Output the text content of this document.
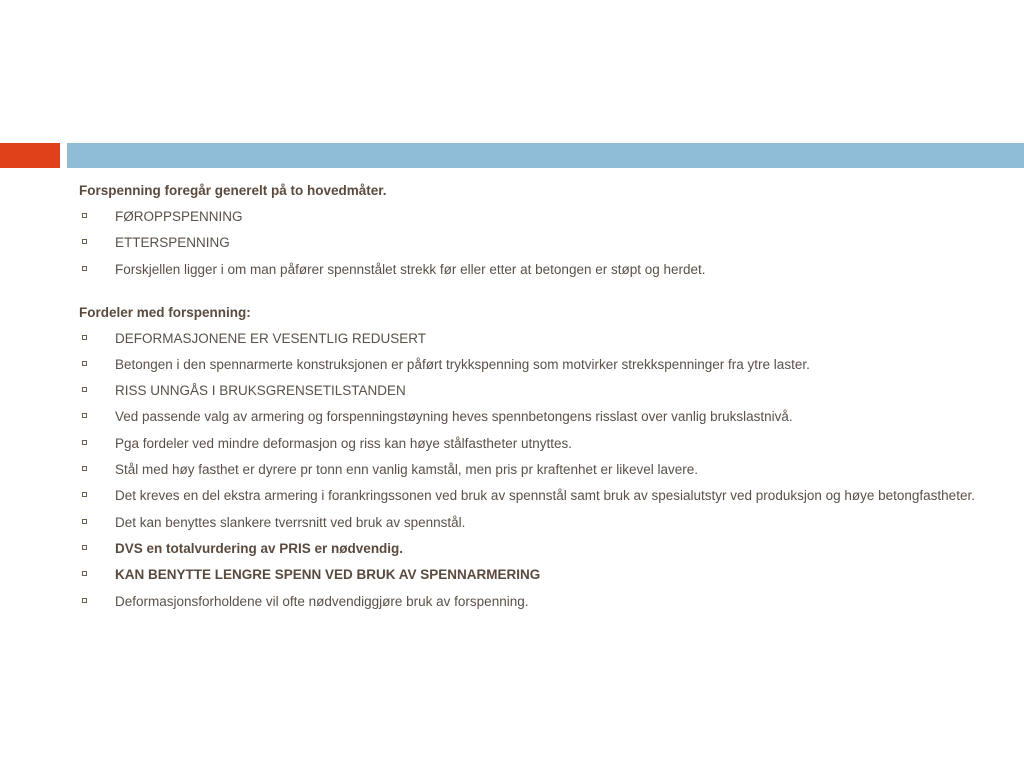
Forspenning foregår generelt på to hovedmåter.
FØROPPSPENNING
ETTERSPENNING
Forskjellen ligger i om man påfører spennstålet strekk før eller etter at betongen er støpt og herdet.
Fordeler med forspenning:
DEFORMASJONENE ER VESENTLIG REDUSERT
Betongen i den spennarmerte konstruksjonen er påført trykkspenning som motvirker strekkspenninger fra ytre laster.
RISS UNNGÅS I BRUKSGRENSETILSTANDEN
Ved passende valg av armering og forspenningstøyning heves spennbetongens risslast over vanlig brukslastnivå.
Pga fordeler ved mindre deformasjon og riss kan høye stålfastheter utnyttes.
Stål med høy fasthet er dyrere pr tonn enn vanlig kamstål, men pris pr kraftenhet er likevel lavere.
Det kreves en del ekstra armering i forankringssonen ved bruk av spennstål samt bruk av spesialutstyr ved produksjon og høye betongfastheter.
Det kan benyttes slankere tverrsnitt ved bruk av spennstål.
DVS en totalvurdering av PRIS er nødvendig.
KAN BENYTTE LENGRE SPENN VED BRUK AV SPENNARMERING
Deformasjonsforholdene vil ofte nødvendiggjøre bruk av forspenning.
